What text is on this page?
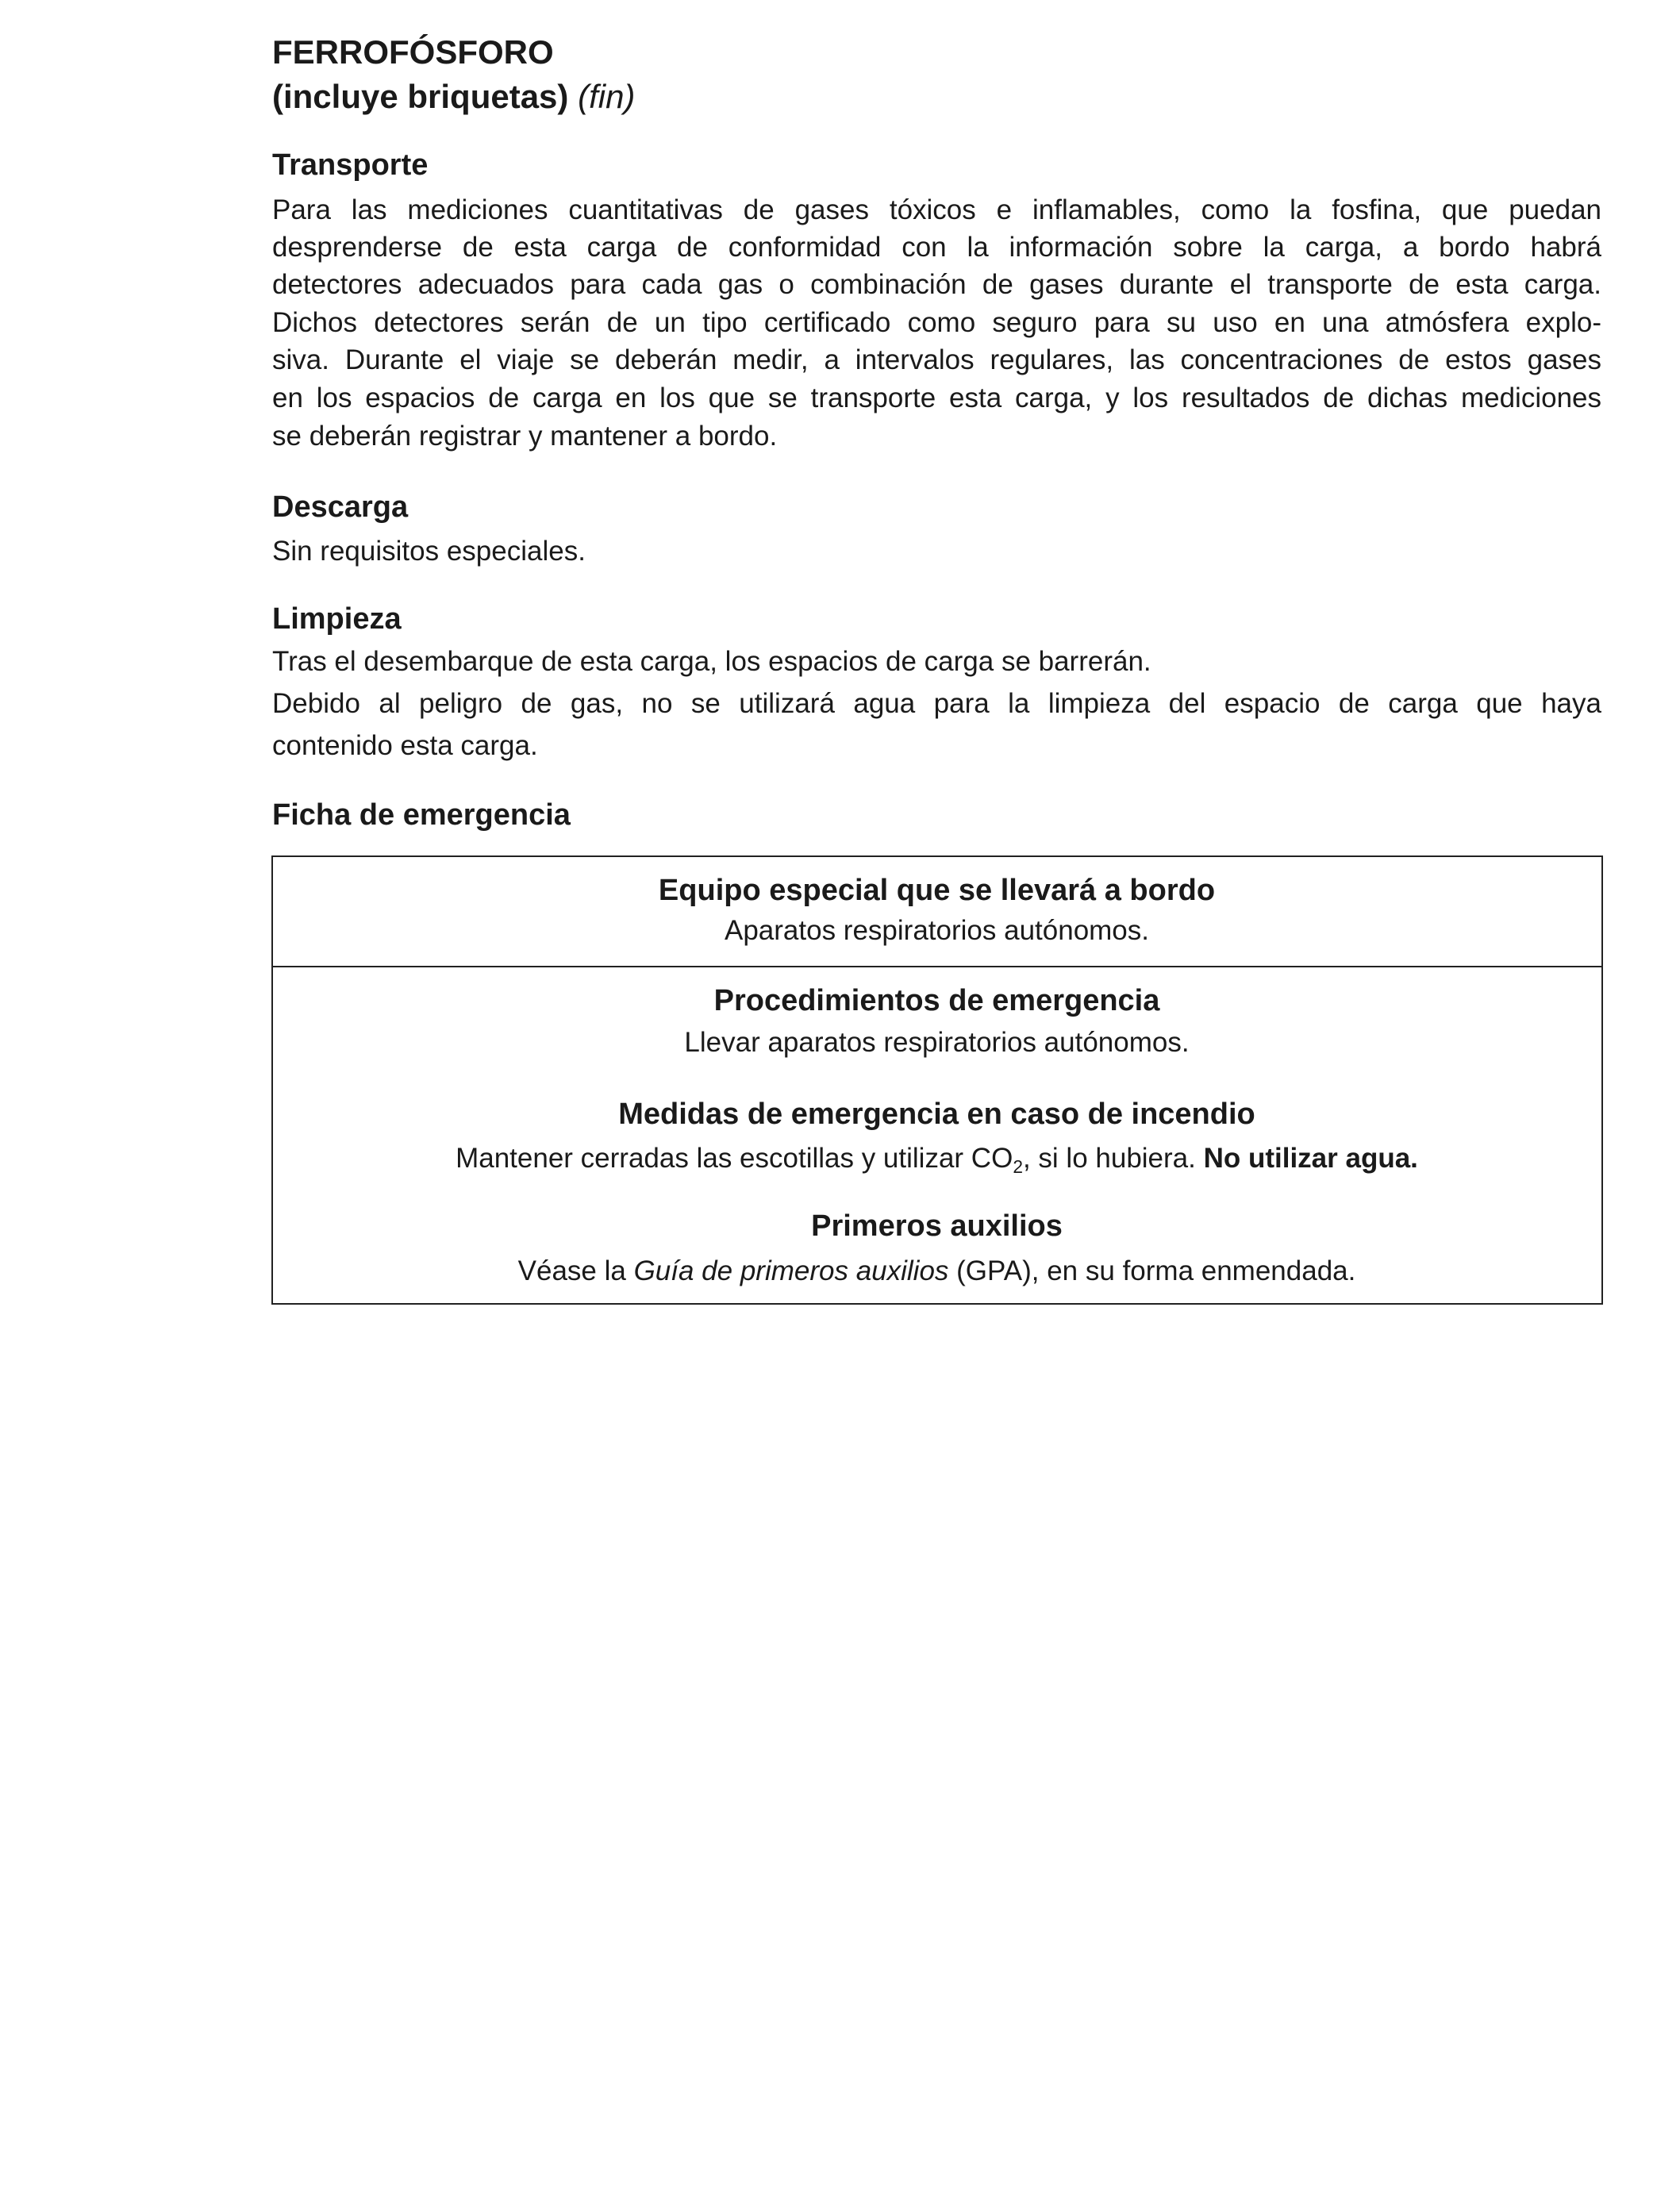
FERROFÓSFORO
(incluye briquetas) (fin)
Transporte
Para las mediciones cuantitativas de gases tóxicos e inflamables, como la fosfina, que puedan
desprenderse de esta carga de conformidad con la información sobre la carga, a bordo habrá
detectores adecuados para cada gas o combinación de gases durante el transporte de esta carga.
Dichos detectores serán de un tipo certificado como seguro para su uso en una atmósfera explo-
siva. Durante el viaje se deberán medir, a intervalos regulares, las concentraciones de estos gases
en los espacios de carga en los que se transporte esta carga, y los resultados de dichas mediciones
se deberán registrar y mantener a bordo.
Descarga
Sin requisitos especiales.
Limpieza
Tras el desembarque de esta carga, los espacios de carga se barrerán.
Debido al peligro de gas, no se utilizará agua para la limpieza del espacio de carga que haya
contenido esta carga.
Ficha de emergencia
Equipo especial que se llevará a bordo
Aparatos respiratorios autónomos.
Procedimientos de emergencia
Llevar aparatos respiratorios autónomos.
Medidas de emergencia en caso de incendio
Mantener cerradas las escotillas y utilizar $CO_2$, si lo hubiera. No utilizar agua.
Primeros auxilios
Véase la Guía de primeros auxilios (GPA), en su forma enmendada.
